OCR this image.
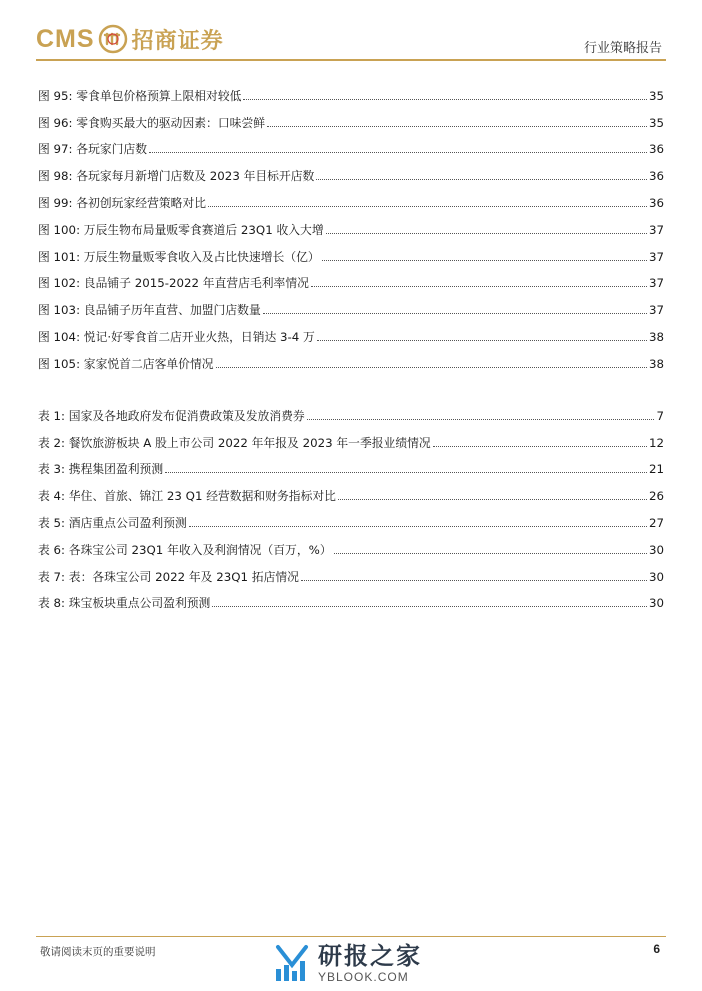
CMS 招商证券	行业策略报告
图 95: 零食单包价格预算上限相对较低	35
图 96: 零食购买最大的驱动因素：口味尝鲜	35
图 97: 各玩家门店数	36
图 98: 各玩家每月新增门店数及 2023 年目标开店数	36
图 99: 各初创玩家经营策略对比	36
图 100: 万辰生物布局量贩零食赛道后 23Q1 收入大增	37
图 101: 万辰生物量贩零食收入及占比快速增长（亿）	37
图 102: 良品铺子 2015-2022 年直营店毛利率情况	37
图 103: 良品铺子历年直营、加盟门店数量	37
图 104: 悦记·好零食首二店开业火热，日销达 3-4 万	38
图 105: 家家悦首二店客单价情况	38
表 1: 国家及各地政府发布促消费政策及发放消费券	7
表 2: 餐饮旅游板块 A 股上市公司 2022 年年报及 2023 年一季报业绩情况	12
表 3: 携程集团盈利预测	21
表 4: 华住、首旅、锦江 23 Q1 经营数据和财务指标对比	26
表 5: 酒店重点公司盈利预测	27
表 6: 各珠宝公司 23Q1 年收入及利润情况（百万，%）	30
表 7: 表：各珠宝公司 2022 年及 23Q1 拓店情况	30
表 8: 珠宝板块重点公司盈利预测	30
敬请阅读末页的重要说明	研报之家
YBLOOK.COM
6
